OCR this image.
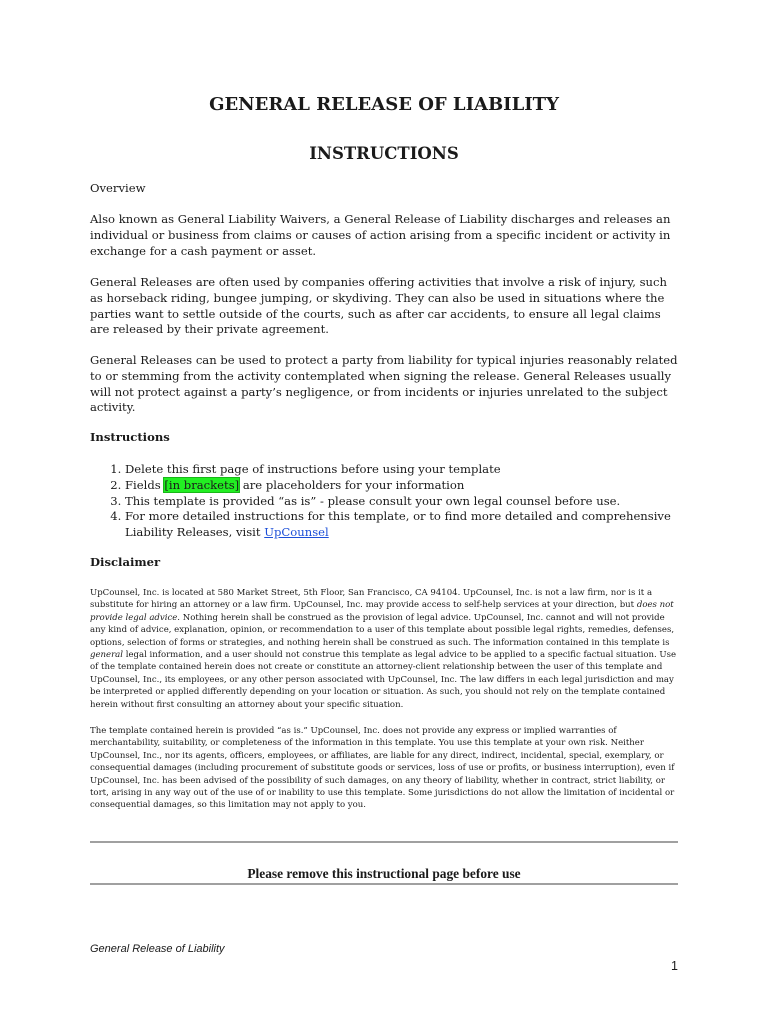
GENERAL RELEASE OF LIABILITY
INSTRUCTIONS
Overview

Also known as General Liability Waivers, a General Release of Liability discharges and releases an individual or business from claims or causes of action arising from a specific incident or activity in exchange for a cash payment or asset.

General Releases are often used by companies offering activities that involve a risk of injury, such as horseback riding, bungee jumping, or skydiving. They can also be used in situations where the parties want to settle outside of the courts, such as after car accidents, to ensure all legal claims are released by their private agreement.

General Releases can be used to protect a party from liability for typical injuries reasonably related to or stemming from the activity contemplated when signing the release. General Releases usually will not protect against a party’s negligence, or from incidents or injuries unrelated to the subject activity.

Instructions
1. Delete this first page of instructions before using your template
2. Fields [in brackets] are placeholders for your information
3. This template is provided “as is” - please consult your own legal counsel before use.
4. For more detailed instructions for this template, or to find more detailed and comprehensive Liability Releases, visit UpCounsel
Disclaimer

UpCounsel, Inc. is located at 580 Market Street, 5th Floor, San Francisco, CA 94104. UpCounsel, Inc. is not a law firm, nor is it a substitute for hiring an attorney or a law firm. UpCounsel, Inc. may provide access to self-help services at your direction, but does not provide legal advice. Nothing herein shall be construed as the provision of legal advice. UpCounsel, Inc. cannot and will not provide any kind of advice, explanation, opinion, or recommendation to a user of this template about possible legal rights, remedies, defenses, options, selection of forms or strategies, and nothing herein shall be construed as such. The information contained in this template is general legal information, and a user should not construe this template as legal advice to be applied to a specific factual situation. Use of the template contained herein does not create or constitute an attorney-client relationship between the user of this template and UpCounsel, Inc., its employees, or any other person associated with UpCounsel, Inc. The law differs in each legal jurisdiction and may be interpreted or applied differently depending on your location or situation. As such, you should not rely on the template contained herein without first consulting an attorney about your specific situation.

The template contained herein is provided “as is.” UpCounsel, Inc. does not provide any express or implied warranties of merchantability, suitability, or completeness of the information in this template. You use this template at your own risk. Neither UpCounsel, Inc., nor its agents, officers, employees, or affiliates, are liable for any direct, indirect, incidental, special, exemplary, or consequential damages (including procurement of substitute goods or services, loss of use or profits, or business interruption), even if UpCounsel, Inc. has been advised of the possibility of such damages, on any theory of liability, whether in contract, strict liability, or tort, arising in any way out of the use of or inability to use this template. Some jurisdictions do not allow the limitation of incidental or consequential damages, so this limitation may not apply to you.

Please remove this instructional page before use
General Release of Liability
1
